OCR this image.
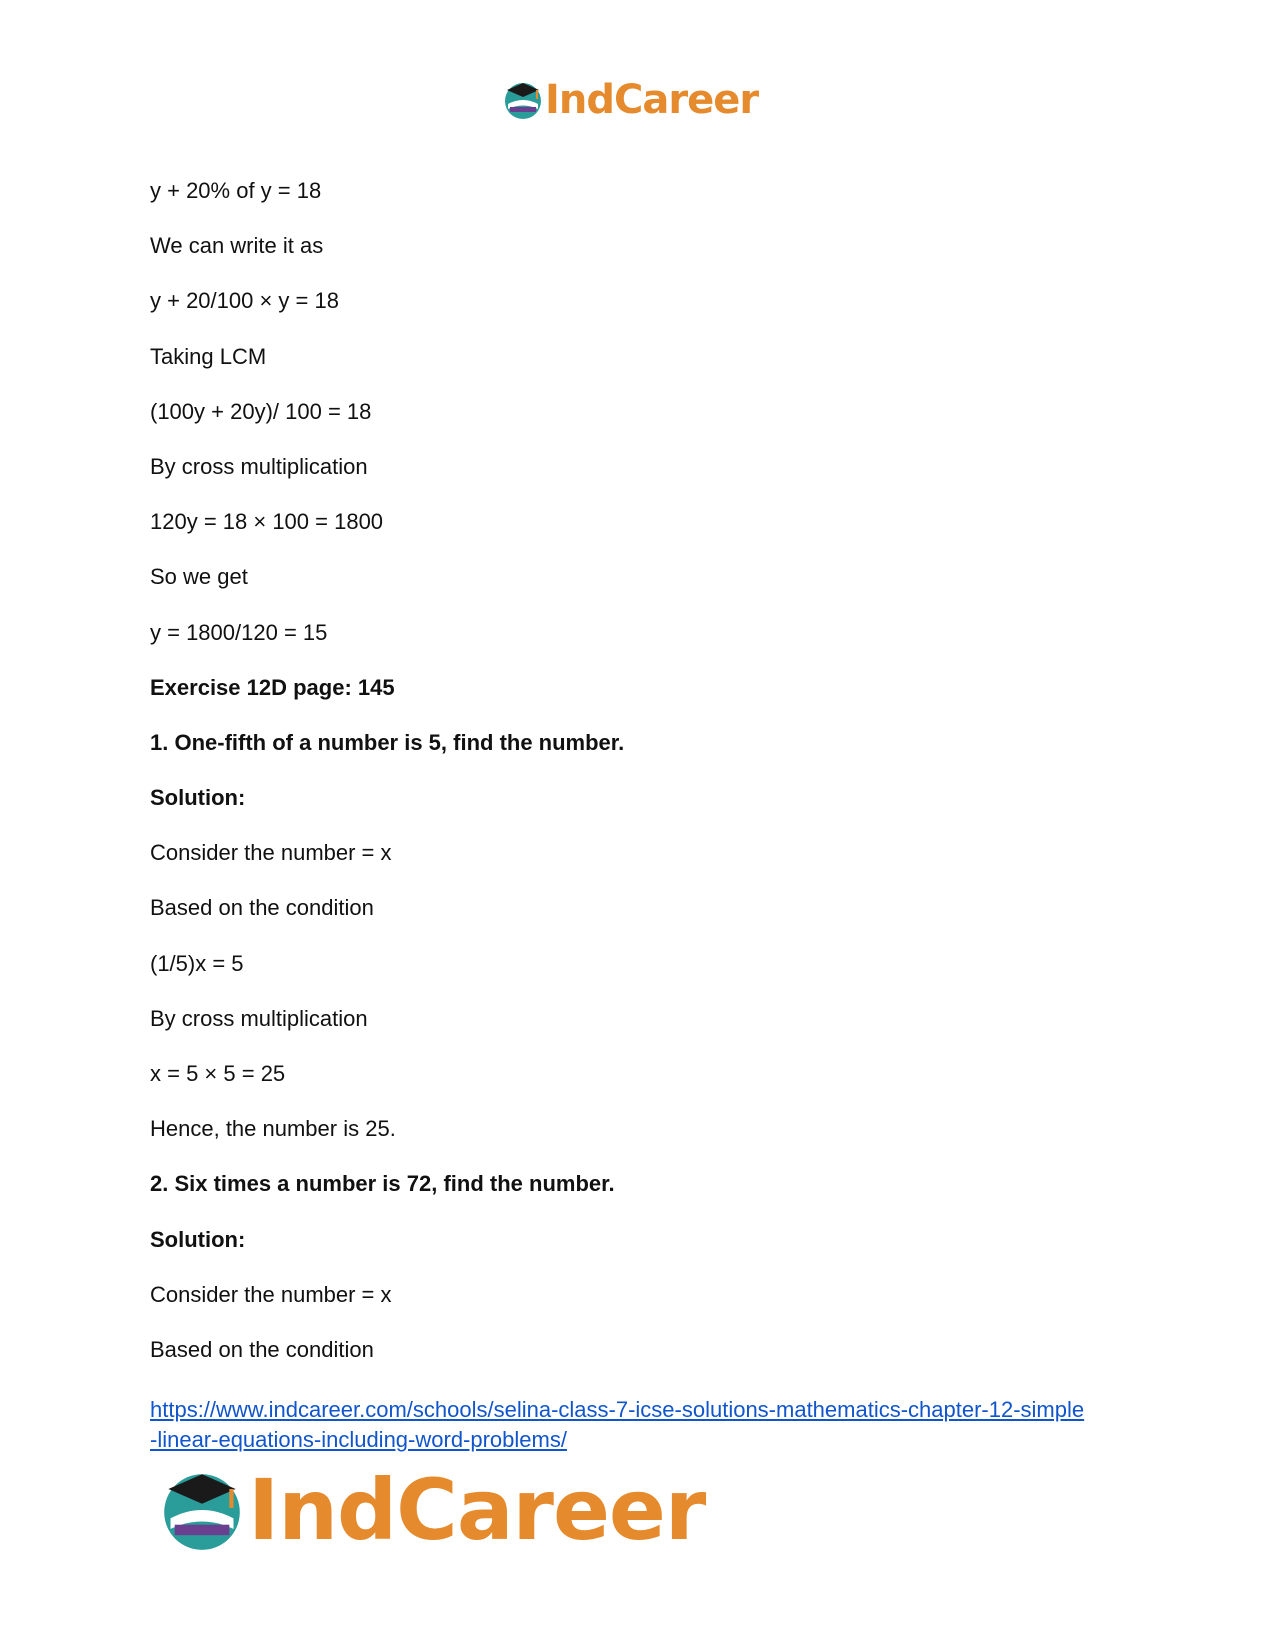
IndCareer
y + 20% of y = 18
We can write it as
y + 20/100 × y = 18
Taking LCM
(100y + 20y)/ 100 = 18
By cross multiplication
120y = 18 × 100 = 1800
So we get
y = 1800/120 = 15
Exercise 12D page: 145
1. One-fifth of a number is 5, find the number.
Solution:
Consider the number = x
Based on the condition
(1/5)x = 5
By cross multiplication
x = 5 × 5 = 25
Hence, the number is 25.
2. Six times a number is 72, find the number.
Solution:
Consider the number = x
Based on the condition
https://www.indcareer.com/schools/selina-class-7-icse-solutions-mathematics-chapter-12-simple
-linear-equations-including-word-problems/
IndCareer
